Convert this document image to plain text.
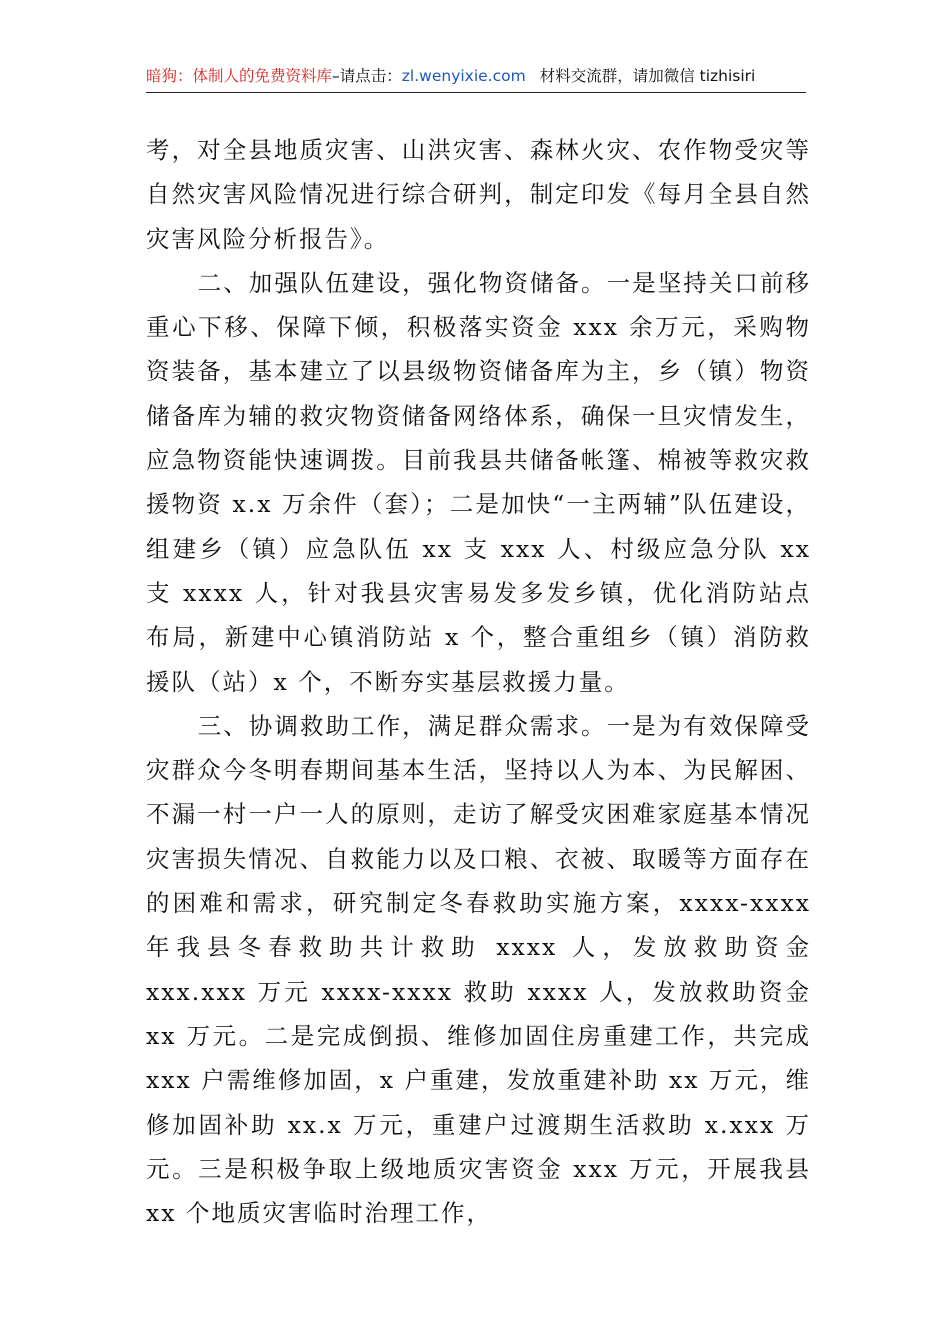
暗狗：体制人的免费资料库–请点击：zl.wenyixie.com 材料交流群，请加微信 tizhisiri

考，对全县地质灾害、山洪灾害、森林火灾、农作物受灾等自然灾害风险情况进行综合研判，制定印发《每月全县自然灾害风险分析报告》。

二、加强队伍建设，强化物资储备。一是坚持关口前移重心下移、保障下倾，积极落实资金 xxx 余万元，采购物资装备，基本建立了以县级物资储备库为主，乡（镇）物资储备库为辅的救灾物资储备网络体系，确保一旦灾情发生，应急物资能快速调拨。目前我县共储备帐篷、棉被等救灾救援物资 x.x 万余件（套）；二是加快“一主两辅”队伍建设，组建乡（镇）应急队伍 xx 支 xxx 人、村级应急分队 xx 支 xxxx 人，针对我县灾害易发多发乡镇，优化消防站点布局，新建中心镇消防站 x 个，整合重组乡（镇）消防救援队（站）x 个，不断夯实基层救援力量。

三、协调救助工作，满足群众需求。一是为有效保障受灾群众今冬明春期间基本生活，坚持以人为本、为民解困、不漏一村一户一人的原则，走访了解受灾困难家庭基本情况灾害损失情况、自救能力以及口粮、衣被、取暖等方面存在的困难和需求，研究制定冬春救助实施方案，xxxx-xxxx 年我县冬春救助共计救助 xxxx 人，发放救助资金 xxx.xxx 万元 xxxx-xxxx 救助 xxxx 人，发放救助资金 xx 万元。二是完成倒损、维修加固住房重建工作，共完成 xxx 户需维修加固，x 户重建，发放重建补助 xx 万元，维修加固补助 xx.x 万元，重建户过渡期生活救助 x.xxx 万元。三是积极争取上级地质灾害资金 xxx 万元，开展我县 xx 个地质灾害临时治理工作，
